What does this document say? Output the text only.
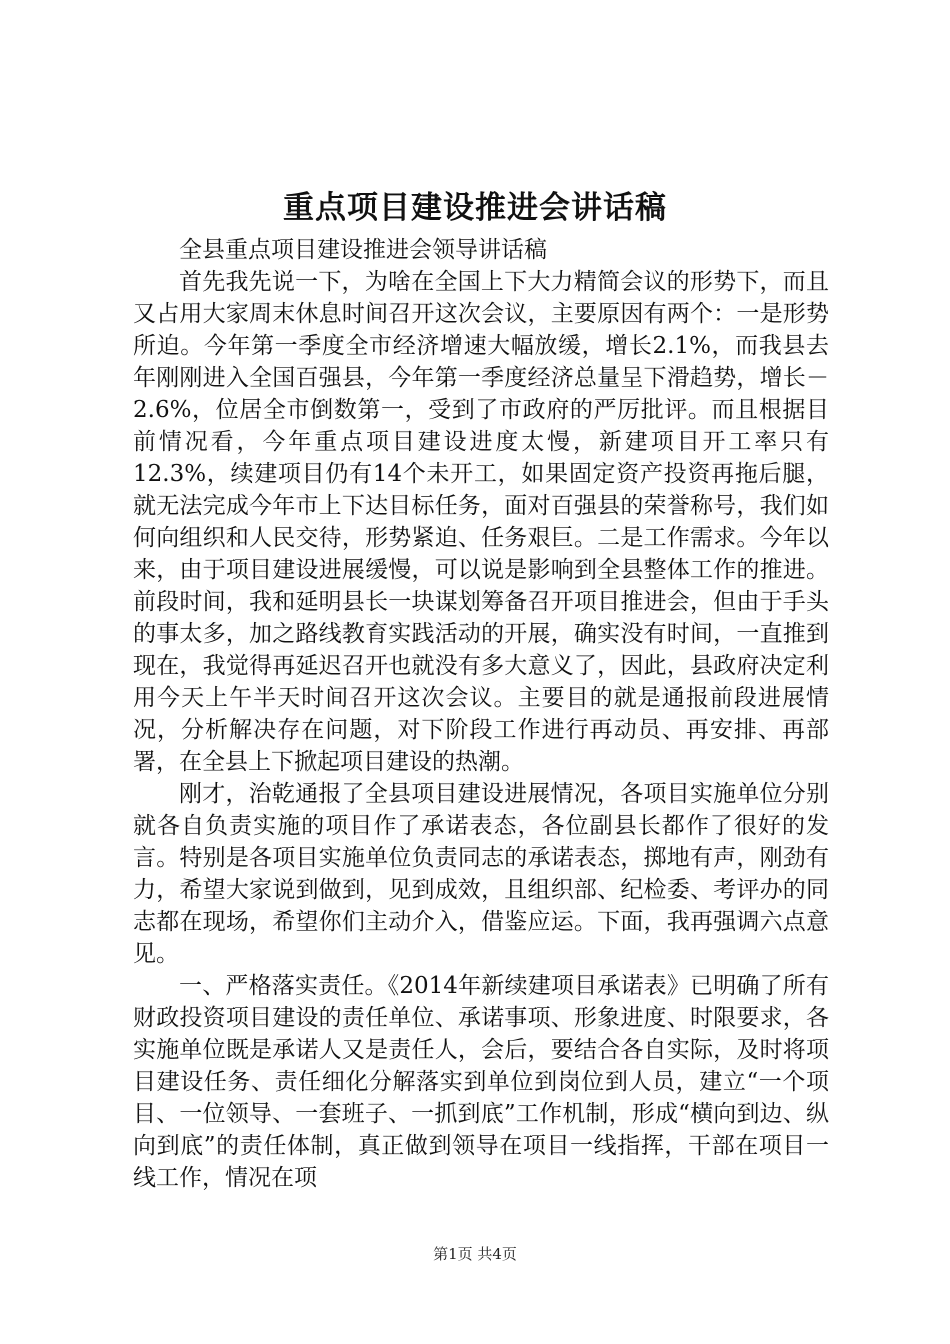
重点项目建设推进会讲话稿

全县重点项目建设推进会领导讲话稿

首先我先说一下，为啥在全国上下大力精简会议的形势下，而且又占用大家周末休息时间召开这次会议，主要原因有两个：一是形势所迫。今年第一季度全市经济增速大幅放缓，增长2.1%，而我县去年刚刚进入全国百强县，今年第一季度经济总量呈下滑趋势，增长－2.6%，位居全市倒数第一，受到了市政府的严厉批评。而且根据目前情况看，今年重点项目建设进度太慢，新建项目开工率只有12.3%，续建项目仍有14个未开工，如果固定资产投资再拖后腿，就无法完成今年市上下达目标任务，面对百强县的荣誉称号，我们如何向组织和人民交待，形势紧迫、任务艰巨。二是工作需求。今年以来，由于项目建设进展缓慢，可以说是影响到全县整体工作的推进。前段时间，我和延明县长一块谋划筹备召开项目推进会，但由于手头的事太多，加之路线教育实践活动的开展，确实没有时间，一直推到现在，我觉得再延迟召开也就没有多大意义了，因此，县政府决定利用今天上午半天时间召开这次会议。主要目的就是通报前段进展情况，分析解决存在问题，对下阶段工作进行再动员、再安排、再部署，在全县上下掀起项目建设的热潮。

刚才，治乾通报了全县项目建设进展情况，各项目实施单位分别就各自负责实施的项目作了承诺表态，各位副县长都作了很好的发言。特别是各项目实施单位负责同志的承诺表态，掷地有声，刚劲有力，希望大家说到做到，见到成效，且组织部、纪检委、考评办的同志都在现场，希望你们主动介入，借鉴应运。下面，我再强调六点意见。

一、严格落实责任。《2014年新续建项目承诺表》已明确了所有财政投资项目建设的责任单位、承诺事项、形象进度、时限要求，各实施单位既是承诺人又是责任人，会后，要结合各自实际，及时将项目建设任务、责任细化分解落实到单位到岗位到人员，建立“一个项目、一位领导、一套班子、一抓到底”工作机制，形成“横向到边、纵向到底”的责任体制，真正做到领导在项目一线指挥，干部在项目一线工作，情况在项

第1页 共4页
